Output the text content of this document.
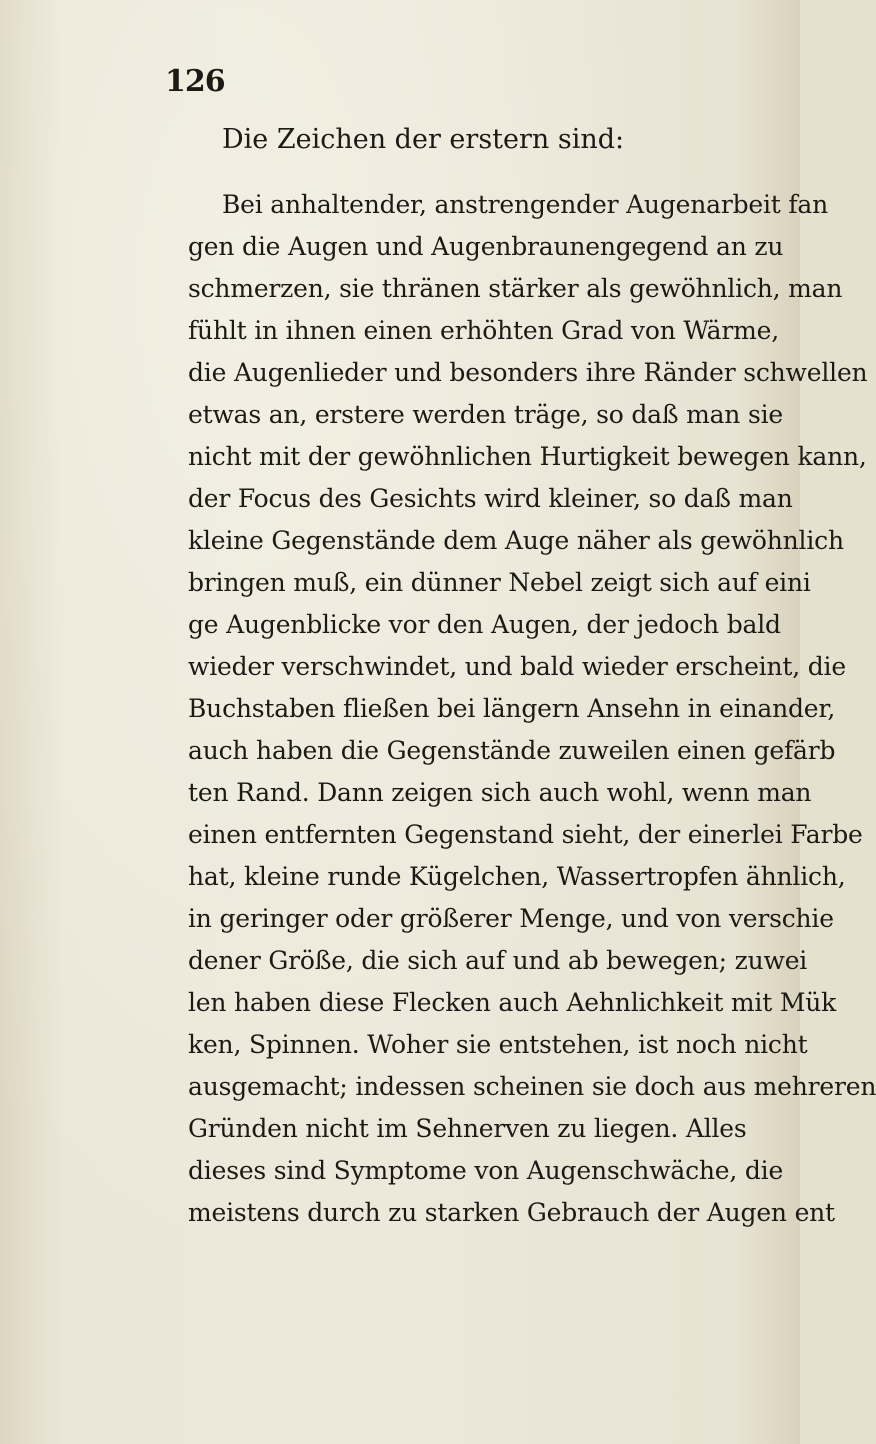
126
Die Zeichen der erstern sind:
Bei anhaltender, anstrengender Augenarbeit fan
gen die Augen und Augenbraunengegend an zu
schmerzen, sie thränen stärker als gewöhnlich, man
fühlt in ihnen einen erhöhten Grad von Wärme,
die Augenlieder und besonders ihre Ränder schwellen
etwas an, erstere werden träge, so daß man sie
nicht mit der gewöhnlichen Hurtigkeit bewegen kann,
der Focus des Gesichts wird kleiner, so daß man
kleine Gegenstände dem Auge näher als gewöhnlich
bringen muß, ein dünner Nebel zeigt sich auf eini
ge Augenblicke vor den Augen, der jedoch bald
wieder verschwindet, und bald wieder erscheint, die
Buchstaben fließen bei längern Ansehn in einander,
auch haben die Gegenstände zuweilen einen gefärb
ten Rand. Dann zeigen sich auch wohl, wenn man
einen entfernten Gegenstand sieht, der einerlei Farbe
hat, kleine runde Kügelchen, Wassertropfen ähnlich,
in geringer oder größerer Menge, und von verschie
dener Größe, die sich auf und ab bewegen; zuwei
len haben diese Flecken auch Aehnlichkeit mit Mük
ken, Spinnen. Woher sie entstehen, ist noch nicht
ausgemacht; indessen scheinen sie doch aus mehreren
Gründen nicht im Sehnerven zu liegen. Alles
dieses sind Symptome von Augenschwäche, die
meistens durch zu starken Gebrauch der Augen ent
